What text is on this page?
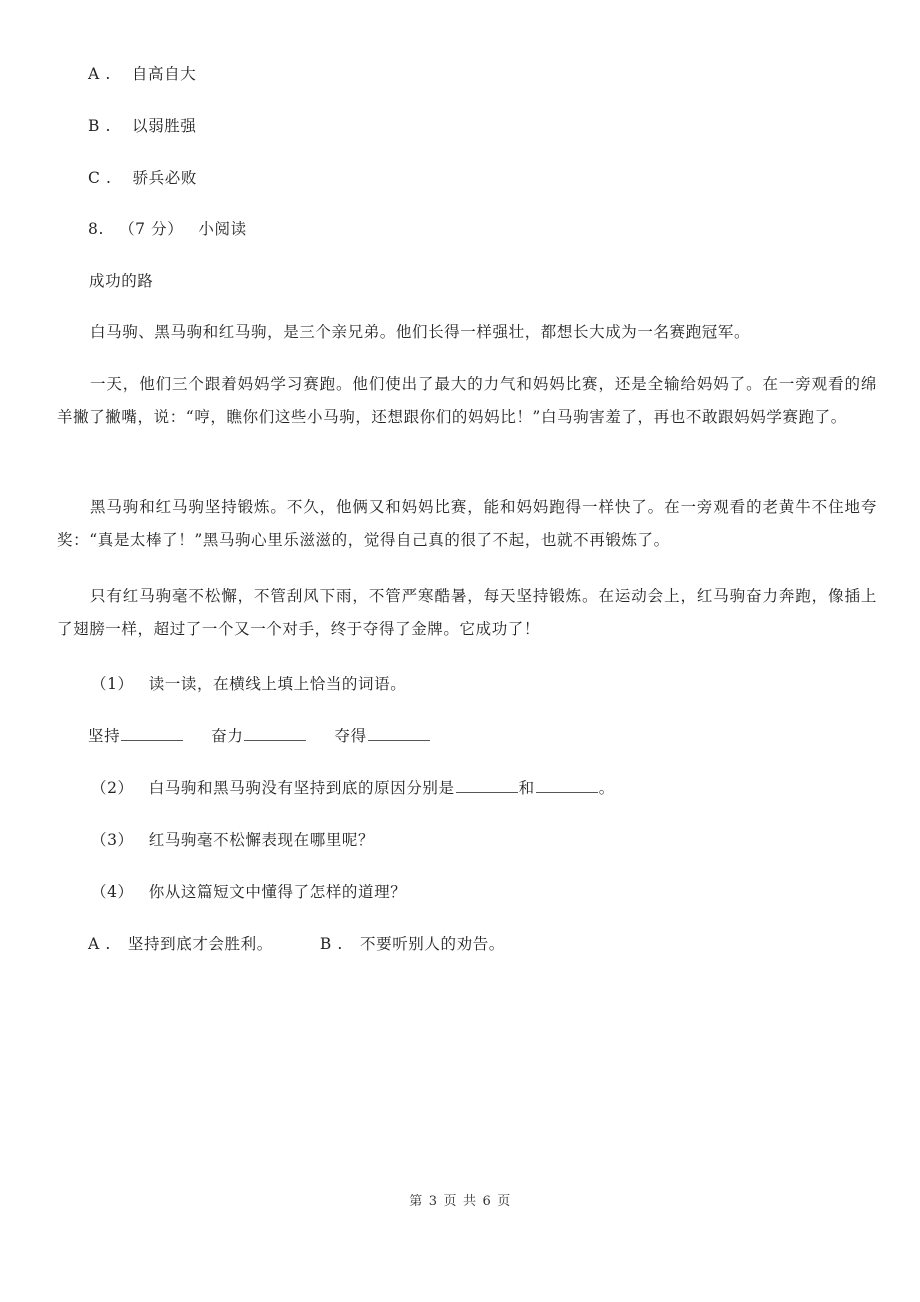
A . 自高自大
B . 以弱胜强
C . 骄兵必败
8. （7 分） 小阅读
成功的路
白马驹、黑马驹和红马驹，是三个亲兄弟。他们长得一样强壮，都想长大成为一名赛跑冠军。
一天，他们三个跟着妈妈学习赛跑。他们使出了最大的力气和妈妈比赛，还是全输给妈妈了。在一旁观看的绵羊撇了撇嘴，说：“哼，瞧你们这些小马驹，还想跟你们的妈妈比！”白马驹害羞了，再也不敢跟妈妈学赛跑了。
黑马驹和红马驹坚持锻炼。不久，他俩又和妈妈比赛，能和妈妈跑得一样快了。在一旁观看的老黄牛不住地夸奖：“真是太棒了！”黑马驹心里乐滋滋的，觉得自己真的很了不起，也就不再锻炼了。
只有红马驹毫不松懈，不管刮风下雨，不管严寒酷暑，每天坚持锻炼。在运动会上，红马驹奋力奔跑，像插上了翅膀一样，超过了一个又一个对手，终于夺得了金牌。它成功了！
（1） 读一读，在横线上填上恰当的词语。
坚持	奋力	夺得
（2） 白马驹和黑马驹没有坚持到底的原因分别是	和	。
（3） 红马驹毫不松懈表现在哪里呢？
（4） 你从这篇短文中懂得了怎样的道理？
A . 坚持到底才会胜利。	B . 不要听别人的劝告。
第 3 页 共 6 页
